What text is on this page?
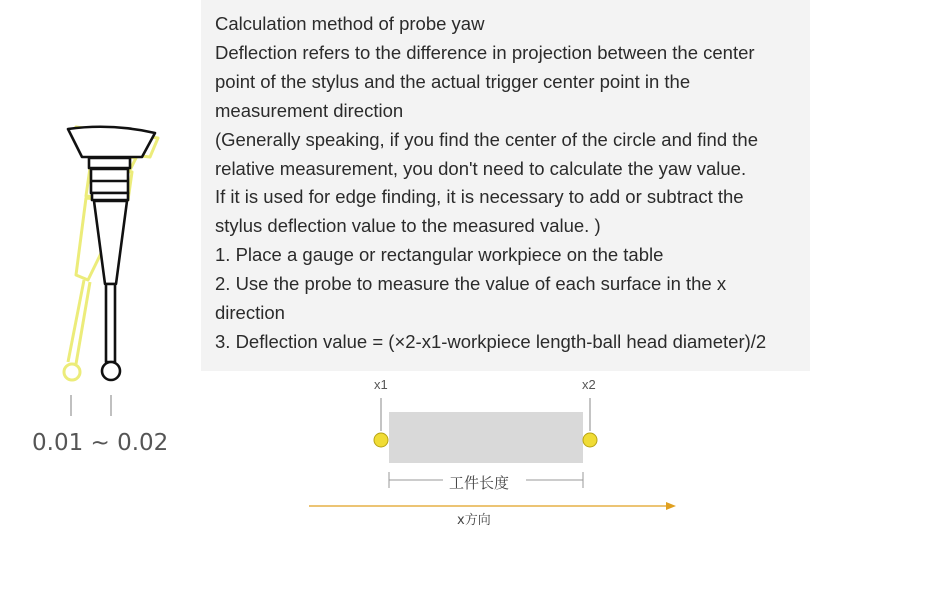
Calculation method of probe yaw
Deflection refers to the difference in projection between the center
point of the stylus and the actual trigger center point in the
measurement direction
(Generally speaking, if you find the center of the circle and find the
relative measurement, you don't need to calculate the yaw value.
If it is used for edge finding, it is necessary to add or subtract the
stylus deflection value to the measured value. )
1. Place a gauge or rectangular workpiece on the table
2. Use the probe to measure the value of each surface in the x
direction
3. Deflection value = (×2-x1-workpiece length-ball head diameter)/2
0.01 ~ 0.02
x1	x2
工件长度
x方向
